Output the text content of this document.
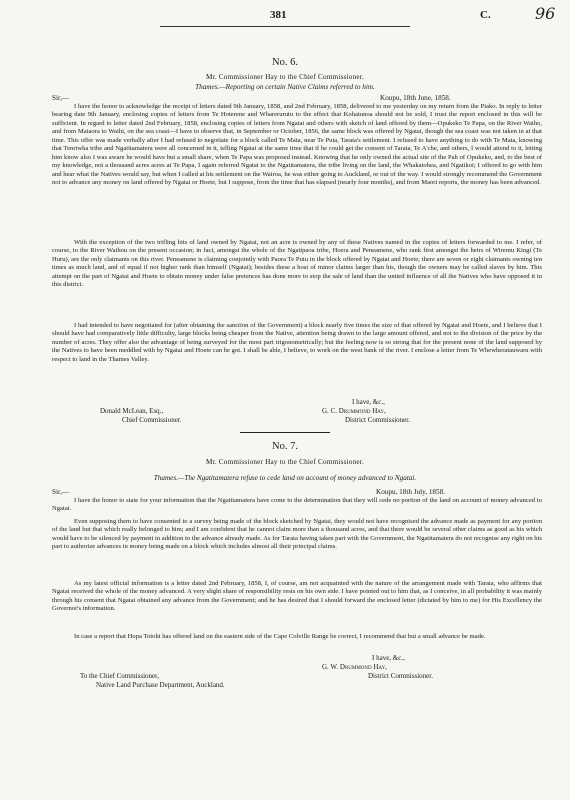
381	C.	96
No. 6.
Mr. Commissioner Hay to the Chief Commissioner.
Thames.—Reporting on certain Native Claims referred to him.
Sir,—	Koupu, 18th June, 1858.

I have the honor to acknowledge the receipt of letters dated 9th January, 1858, and 2nd February, 1858, delivered to me yesterday on my return from the Piako. In reply to letter bearing date 9th January, enclosing copies of letters from Te Hoterene and Wharerurutu to the effect that Kohatunoa should not be sold, I trust the report enclosed in this will be sufficient. In regard to letter dated 2nd February, 1858, enclosing copies of letters from Ngatai and others with sketch of land offered by them—Opukeko Te Papa, on the River Waiho, and from Mataora to Waihi, on the sea coast—I have to observe that, in September or October, 1856, the same block was offered by Ngatai, though the sea coast was not taken in at that time. This offer was made verbally after I had refused to negotiate for a block called Te Mata, near Te Puta, Tarata's settlement. I refused to have anything to do with Te Mata, knowing that Tenriwha tribe and Ngatitamatera were all concerned in it, telling Ngatai at the same time that if he could get the consent of Tarata, Te A'che, and others, I would attend to it, letting him know also I was aware he would have but a small share, when Te Papa was proposed instead. Knowing that he only owned the actual site of the Pah of Opukeko, and, to the best of my knowledge, not a thousand acres acres at Te Papa, I again referred Ngatai to the Ngatitamatera, the tribe living on the land, the Whakatohea, and Ngatikoi; I offered to go with him and hear what the Natives would say, but when I called at his settlement on the Wairoa, he was either going to Auckland, or out of the way. I would strongly recommend the Government not to advance any money on land offered by Ngatai or Hoete, but I suppose, from the time that has elapsed (nearly four months), and from Maori reports, the money has been advanced.

With the exception of the two trifling bits of land owned by Ngatai, not an acre is owned by any of these Natives named in the copies of letters forwarded to me. I refer, of course, to the River Waihou on the present occasion; in fact, amongst the whole of the Ngatipaoa tribe, Hoera and Peneamene, who rank first amongst the heirs of Wiremu Kingi (Te Huru), are the only claimants on this river. Peneamene is claiming conjointly with Paora Te Putu in the block offered by Ngatai and Hoete; there are seven or eight claimants owning ten times as much land, and of equal if not higher rank than himself (Ngatai); besides these a host of minor claims larger than his, though the owners may be called slaves by him. This attempt on the part of Ngatai and Hoete to obtain money under false pretences has done more to stop the sale of land than the united influence of all the Natives who have opposed it in this district.

I had intended to have negotiated for (after obtaining the sanction of the Government) a block nearly five times the size of that offered by Ngatai and Hoete, and I believe that I should have had comparatively little difficulty, large blocks being cheaper from the Native, attention being drawn to the large amount offered, and not to the division of the price by the number of acres. They offer also the advantage of being surveyed for the most part trigonometrically; but the feeling now is so strong that for the present none of the land supposed by the Natives to have been meddled with by Ngatai and Hoete can be got. I shall be able, I believe, to work on the west bank of the river. I enclose a letter from Te Whewheratauwaru with respect to land in the Thames Valley.

I have, &c.,
Donald McLean, Esq.,
Chief Commissioner.
G. C. Drummond Hay,
District Commissioner.
No. 7.
Mr. Commissioner Hay to the Chief Commissioner.
Thames.—The Ngatitamatera refuse to cede land on account of money advanced to Ngatai.
Sir,—	Koupu, 18th July, 1858.

I have the honor to state for your information that the Ngatitamatera have come to the determination that they will cede no portion of the land on account of money advanced to Ngatai.

Even supposing them to have consented to a survey being made of the block sketched by Ngatai, they would not have recognised the advance made as payment for any portion of the land but that which really belonged to him; and I am confident that he cannot claim more than a thousand acres, and that there would be several other claims as good as his which would have to be silenced by payment in addition to the advance already made. As for Tarata having taken part with the Government, the Ngatitamatera do not recognise any right on his part to authorize advances in money being made on a block which includes almost all their principal claims.

As my latest official information is a letter dated 2nd February, 1858, I, of course, am not acquainted with the nature of the arrangement made with Tarata, who affirms that Ngatai received the whole of the money advanced. A very slight share of responsibility rests on his own side. I have pointed out to him that, as I conceive, in all probability it was mainly through his consent that Ngatai obtained any advance from the Government; and he has desired that I should forward the enclosed letter (dictated by him to me) for His Excellency the Governor's information.

In case a report that Hopa Totohi has offered land on the eastern side of the Cape Colville Range be correct, I recommend that but a small advance be made.

I have, &c.,
G. W. Drummond Hay,
District Commissioner.
To the Chief Commissioner,
Native Land Purchase Department, Auckland.
